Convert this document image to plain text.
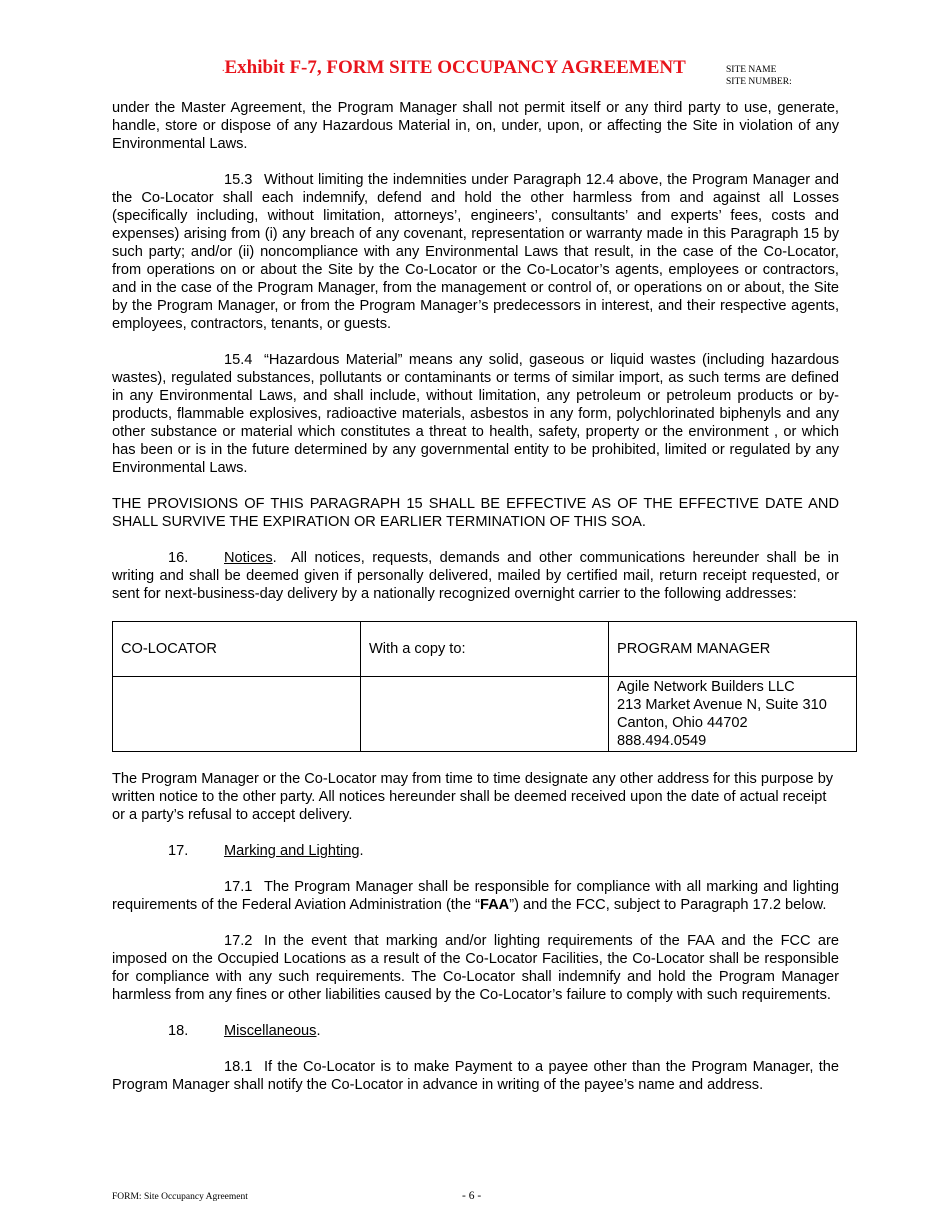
.Exhibit F-7, FORM SITE OCCUPANCY AGREEMENT	SITE NAME
SITE NUMBER:

under the Master Agreement, the Program Manager shall not permit itself or any third party to use, generate, handle, store or dispose of any Hazardous Material in, on, under, upon, or affecting the Site in violation of any Environmental Laws.

15.3 Without limiting the indemnities under Paragraph 12.4 above, the Program Manager and the Co-Locator shall each indemnify, defend and hold the other harmless from and against all Losses (specifically including, without limitation, attorneys’, engineers’, consultants’ and experts’ fees, costs and expenses) arising from (i) any breach of any covenant, representation or warranty made in this Paragraph 15 by such party; and/or (ii) noncompliance with any Environmental Laws that result, in the case of the Co-Locator, from operations on or about the Site by the Co-Locator or the Co-Locator’s agents, employees or contractors, and in the case of the Program Manager, from the management or control of, or operations on or about, the Site by the Program Manager, or from the Program Manager’s predecessors in interest, and their respective agents, employees, contractors, tenants, or guests.

15.4 “Hazardous Material” means any solid, gaseous or liquid wastes (including hazardous wastes), regulated substances, pollutants or contaminants or terms of similar import, as such terms are defined in any Environmental Laws, and shall include, without limitation, any petroleum or petroleum products or by-products, flammable explosives, radioactive materials, asbestos in any form, polychlorinated biphenyls and any other substance or material which constitutes a threat to health, safety, property or the environment , or which has been or is in the future determined by any governmental entity to be prohibited, limited or regulated by any Environmental Laws.

THE PROVISIONS OF THIS PARAGRAPH 15 SHALL BE EFFECTIVE AS OF THE EFFECTIVE DATE AND SHALL SURVIVE THE EXPIRATION OR EARLIER TERMINATION OF THIS SOA.

16. Notices. All notices, requests, demands and other communications hereunder shall be in writing and shall be deemed given if personally delivered, mailed by certified mail, return receipt requested, or sent for next-business-day delivery by a nationally recognized overnight carrier to the following addresses:

CO-LOCATOR	With a copy to:	PROGRAM MANAGER

		Agile Network Builders LLC
213 Market Avenue N, Suite 310
Canton, Ohio 44702
888.494.0549

The Program Manager or the Co-Locator may from time to time designate any other address for this purpose by written notice to the other party. All notices hereunder shall be deemed received upon the date of actual receipt or a party’s refusal to accept delivery.

17. Marking and Lighting.

17.1 The Program Manager shall be responsible for compliance with all marking and lighting requirements of the Federal Aviation Administration (the “FAA”) and the FCC, subject to Paragraph 17.2 below.

17.2 In the event that marking and/or lighting requirements of the FAA and the FCC are imposed on the Occupied Locations as a result of the Co-Locator Facilities, the Co-Locator shall be responsible for compliance with any such requirements. The Co-Locator shall indemnify and hold the Program Manager harmless from any fines or other liabilities caused by the Co-Locator’s failure to comply with such requirements.

18. Miscellaneous.

18.1 If the Co-Locator is to make Payment to a payee other than the Program Manager, the Program Manager shall notify the Co-Locator in advance in writing of the payee’s name and address.

FORM: Site Occupancy Agreement	- 6 -
